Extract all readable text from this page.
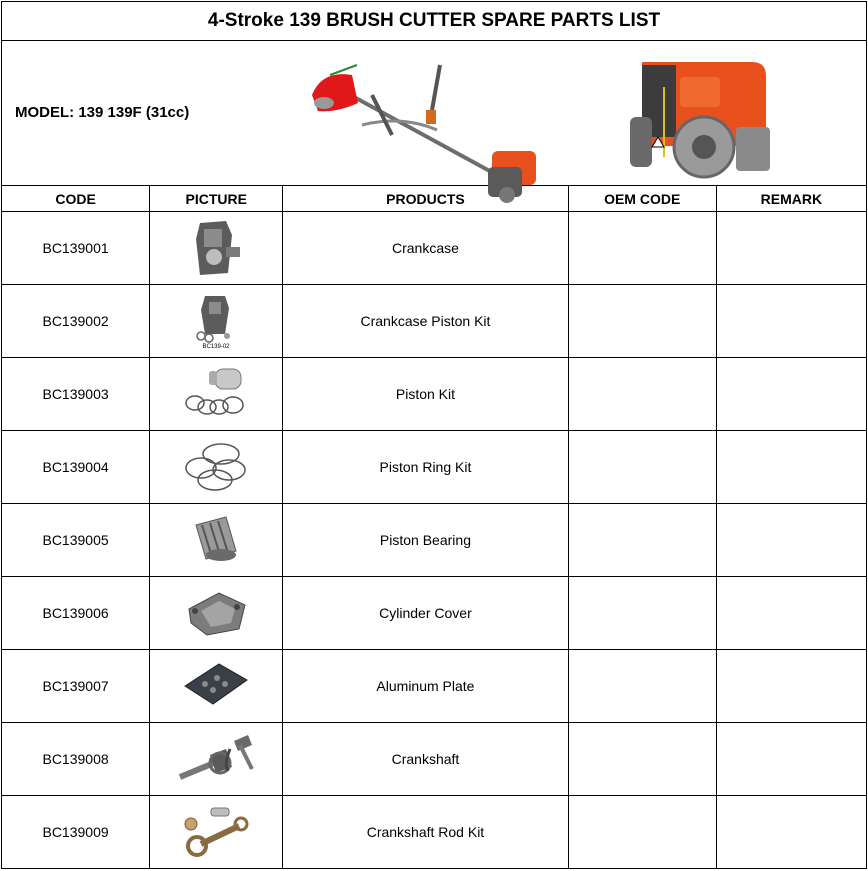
4-Stroke 139 BRUSH CUTTER SPARE PARTS LIST				

MODEL: 139 139F (31cc)				

CODE	PICTURE	PRODUCTS	OEM CODE	REMARK
BC139001		Crankcase		
BC139002	BC139-02	Crankcase Piston Kit		
BC139003		Piston Kit		
BC139004		Piston Ring Kit		
BC139005		Piston Bearing		
BC139006		Cylinder Cover		
BC139007		Aluminum Plate		
BC139008		Crankshaft		
BC139009		Crankshaft Rod Kit		
